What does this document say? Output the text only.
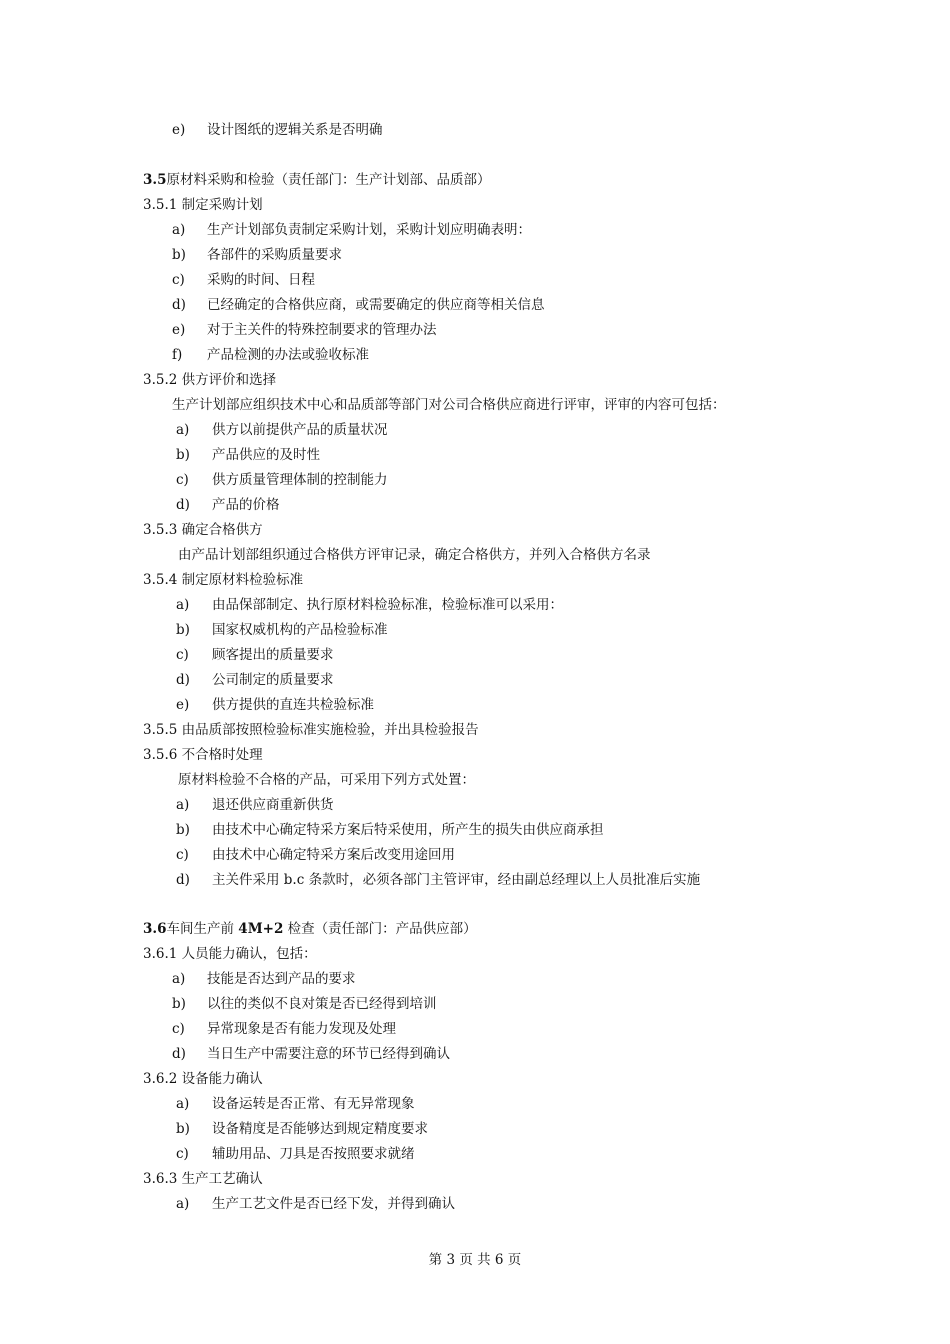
e) 设计图纸的逻辑关系是否明确
3.5原材料采购和检验（责任部门：生产计划部、品质部）
3.5.1 制定采购计划
a) 生产计划部负责制定采购计划，采购计划应明确表明：
b) 各部件的采购质量要求
c) 采购的时间、日程
d) 已经确定的合格供应商，或需要确定的供应商等相关信息
e) 对于主关件的特殊控制要求的管理办法
f) 产品检测的办法或验收标准
3.5.2 供方评价和选择
生产计划部应组织技术中心和品质部等部门对公司合格供应商进行评审，评审的内容可包括：
a) 供方以前提供产品的质量状况
b) 产品供应的及时性
c) 供方质量管理体制的控制能力
d) 产品的价格
3.5.3 确定合格供方
由产品计划部组织通过合格供方评审记录，确定合格供方，并列入合格供方名录
3.5.4 制定原材料检验标准
a) 由品保部制定、执行原材料检验标准，检验标准可以采用：
b) 国家权威机构的产品检验标准
c) 顾客提出的质量要求
d) 公司制定的质量要求
e) 供方提供的直连共检验标准
3.5.5 由品质部按照检验标准实施检验，并出具检验报告
3.5.6 不合格时处理
原材料检验不合格的产品，可采用下列方式处置：
a) 退还供应商重新供货
b) 由技术中心确定特采方案后特采使用，所产生的损失由供应商承担
c) 由技术中心确定特采方案后改变用途回用
d) 主关件采用 b.c 条款时，必须各部门主管评审，经由副总经理以上人员批准后实施
3.6车间生产前 4M+2 检查（责任部门：产品供应部）
3.6.1 人员能力确认，包括：
a) 技能是否达到产品的要求
b) 以往的类似不良对策是否已经得到培训
c) 异常现象是否有能力发现及处理
d) 当日生产中需要注意的环节已经得到确认
3.6.2 设备能力确认
a) 设备运转是否正常、有无异常现象
b) 设备精度是否能够达到规定精度要求
c) 辅助用品、刀具是否按照要求就绪
3.6.3 生产工艺确认
a) 生产工艺文件是否已经下发，并得到确认
第 3 页 共 6 页
